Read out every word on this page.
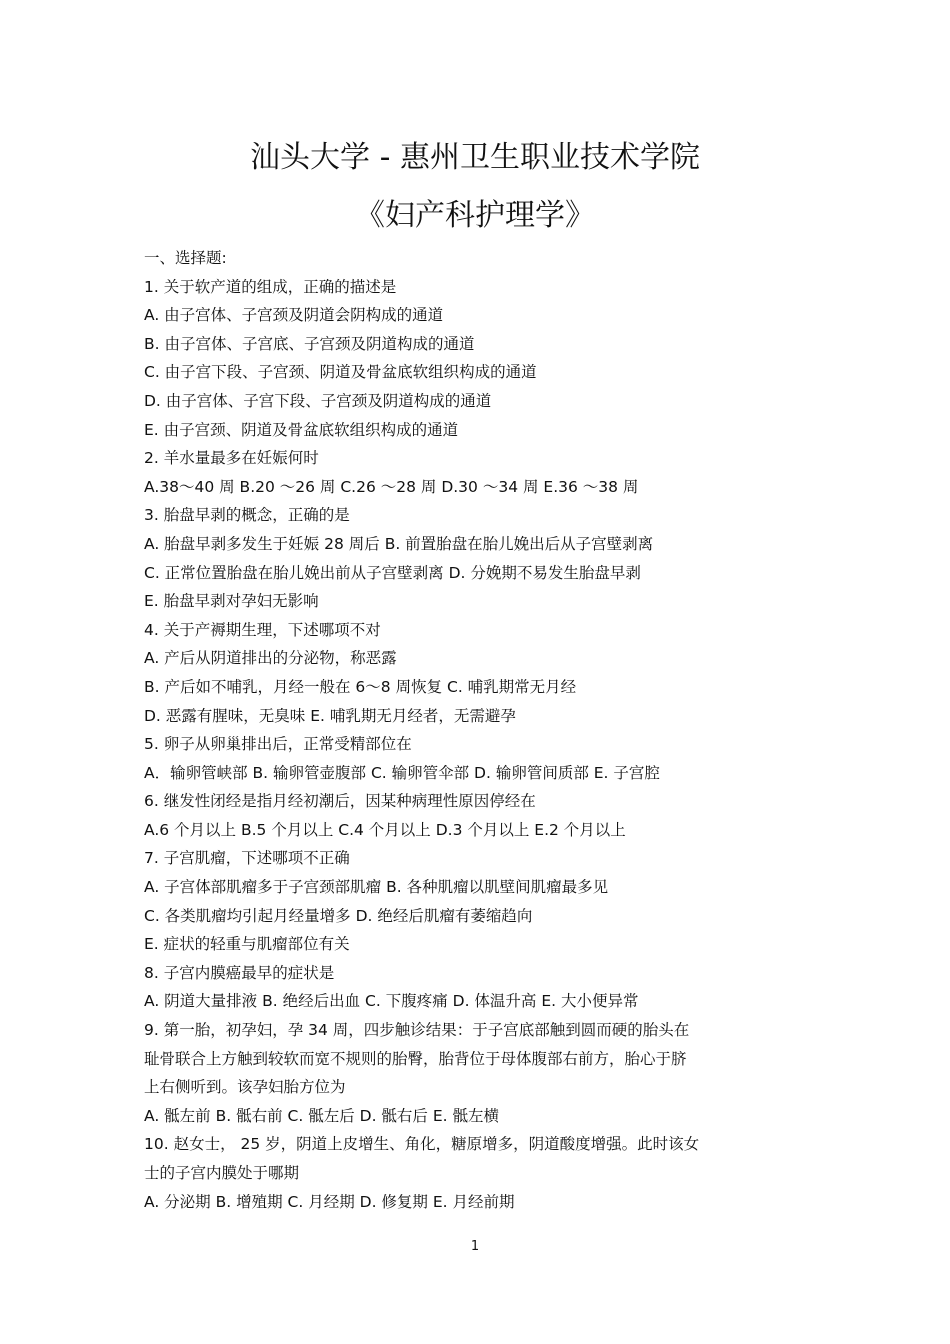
汕头大学 - 惠州卫生职业技术学院
《妇产科护理学》
一、选择题:
1. 关于软产道的组成，正确的描述是
A. 由子宫体、子宫颈及阴道会阴构成的通道
B. 由子宫体、子宫底、子宫颈及阴道构成的通道
C. 由子宫下段、子宫颈、阴道及骨盆底软组织构成的通道
D. 由子宫体、子宫下段、子宫颈及阴道构成的通道
E. 由子宫颈、阴道及骨盆底软组织构成的通道
2. 羊水量最多在妊娠何时
A.38～40 周 B.20 ～26 周 C.26 ～28 周 D.30 ～34 周 E.36 ～38 周
3. 胎盘早剥的概念，正确的是
A. 胎盘早剥多发生于妊娠 28 周后 B. 前置胎盘在胎儿娩出后从子宫壁剥离
C. 正常位置胎盘在胎儿娩出前从子宫壁剥离 D. 分娩期不易发生胎盘早剥
E. 胎盘早剥对孕妇无影响
4. 关于产褥期生理，下述哪项不对
A. 产后从阴道排出的分泌物，称恶露
B. 产后如不哺乳，月经一般在 6～8 周恢复 C. 哺乳期常无月经
D. 恶露有腥味，无臭味 E. 哺乳期无月经者，无需避孕
5. 卵子从卵巢排出后，正常受精部位在
A．输卵管峡部 B. 输卵管壶腹部 C. 输卵管伞部 D. 输卵管间质部 E. 子宫腔
6. 继发性闭经是指月经初潮后，因某种病理性原因停经在
A.6 个月以上 B.5 个月以上 C.4 个月以上 D.3 个月以上 E.2 个月以上
7. 子宫肌瘤，下述哪项不正确
A. 子宫体部肌瘤多于子宫颈部肌瘤 B. 各种肌瘤以肌壁间肌瘤最多见
C. 各类肌瘤均引起月经量增多 D. 绝经后肌瘤有萎缩趋向
E. 症状的轻重与肌瘤部位有关
8. 子宫内膜癌最早的症状是
A. 阴道大量排液 B. 绝经后出血 C. 下腹疼痛 D. 体温升高 E. 大小便异常
9. 第一胎，初孕妇，孕 34 周，四步触诊结果：于子宫底部触到圆而硬的胎头在
耻骨联合上方触到较软而宽不规则的胎臀，胎背位于母体腹部右前方，胎心于脐
上右侧听到。该孕妇胎方位为
A. 骶左前 B. 骶右前 C. 骶左后 D. 骶右后 E. 骶左横
10. 赵女士， 25 岁，阴道上皮增生、角化，糖原增多，阴道酸度增强。此时该女
士的子宫内膜处于哪期
A. 分泌期 B. 增殖期 C. 月经期 D. 修复期 E. 月经前期
1
